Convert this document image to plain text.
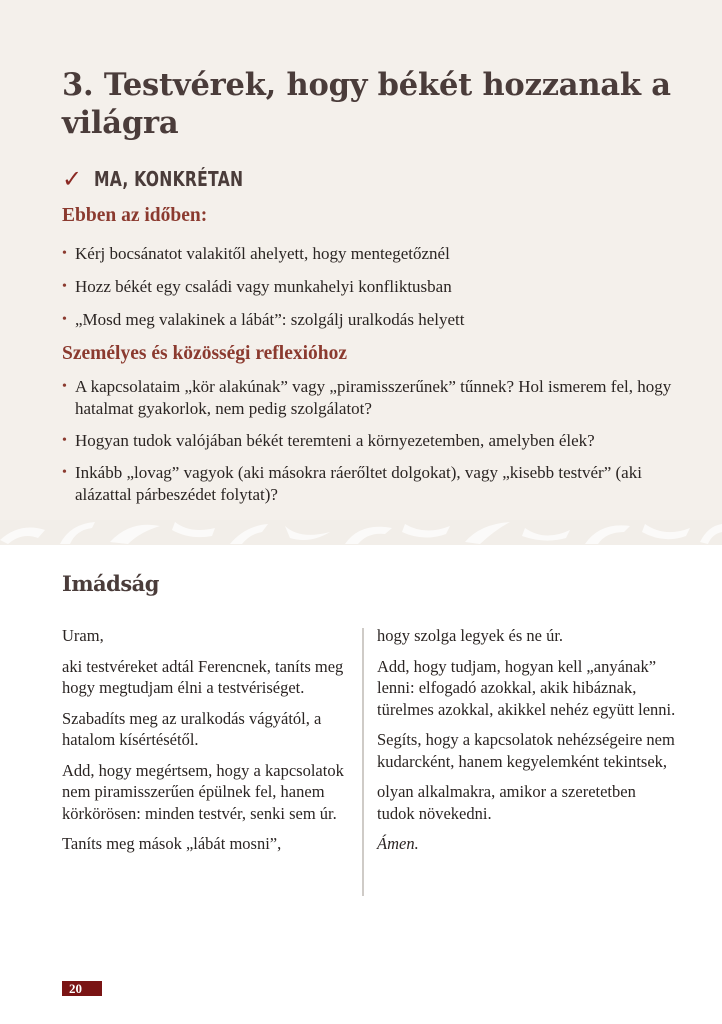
3. Testvérek, hogy békét hozzanak a világra
✓ MA, KONKRÉTAN
Ebben az időben:
• Kérj bocsánatot valakitől ahelyett, hogy mentegetőznél
• Hozz békét egy családi vagy munkahelyi konfliktusban
• „Mosd meg valakinek a lábát”: szolgálj uralkodás helyett
Személyes és közösségi reflexióhoz
• A kapcsolataim „kör alakúnak” vagy „piramisszerűnek” tűnnek? Hol ismerem fel, hogy hatalmat gyakorlok, nem pedig szolgálatot?
• Hogyan tudok valójában békét teremteni a környezetemben, amelyben élek?
• Inkább „lovag” vagyok (aki másokra ráerőltet dolgokat), vagy „kisebb testvér” (aki alázattal párbeszédet folytat)?
Imádság

Uram,

aki testvéreket adtál Ferencnek, taníts meg hogy megtudjam élni a testvériséget.

Szabadíts meg az uralkodás vágyától, a hatalom kísértésétől.

Add, hogy megértsem, hogy a kapcsolatok nem piramisszerűen épülnek fel, hanem körkörösen: minden testvér, senki sem úr.

Taníts meg mások „lábát mosni”,

hogy szolga legyek és ne úr.

Add, hogy tudjam, hogyan kell „anyának” lenni: elfogadó azokkal, akik hibáznak, türelmes azokkal, akikkel nehéz együtt lenni.

Segíts, hogy a kapcsolatok nehézségeire nem kudarcként, hanem kegyelemként tekintsek,

olyan alkalmakra, amikor a szeretetben tudok növekedni.

Ámen.

20
